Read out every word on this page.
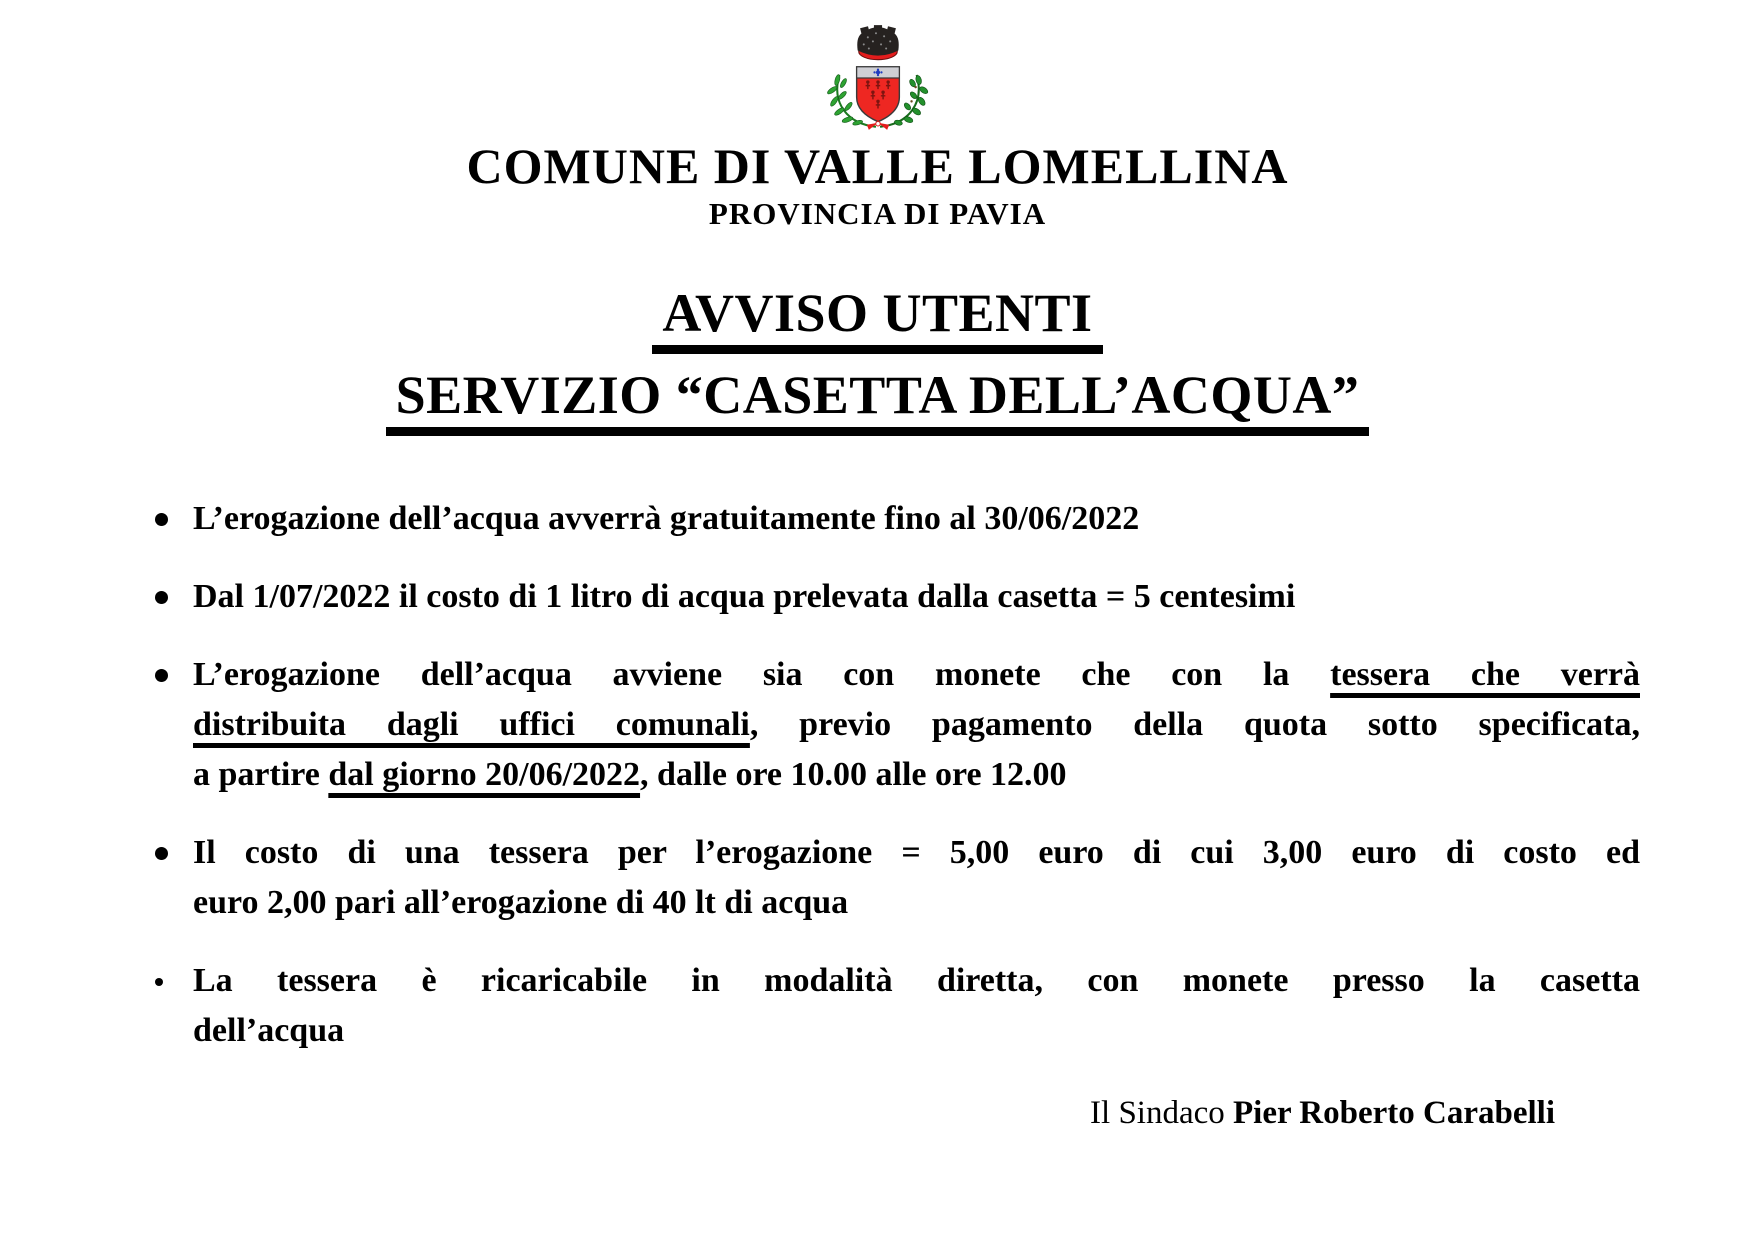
COMUNE DI VALLE LOMELLINA
PROVINCIA DI PAVIA
AVVISO UTENTI
SERVIZIO “CASETTA DELL’ACQUA”
L’erogazione dell’acqua avverrà gratuitamente fino al 30/06/2022
Dal 1/07/2022 il costo di 1 litro di acqua prelevata dalla casetta = 5 centesimi
L’erogazione dell’acqua avviene sia con monete che con la tessera che verrà
distribuita dagli uffici comunali, previo pagamento della quota sotto specificata,
a partire dal giorno 20/06/2022, dalle ore 10.00 alle ore 12.00
Il costo di una tessera per l’erogazione = 5,00 euro di cui 3,00 euro di costo ed
euro 2,00 pari all’erogazione di 40 lt di acqua
La tessera è ricaricabile in modalità diretta, con monete presso la casetta
dell’acqua
Il Sindaco Pier Roberto Carabelli
